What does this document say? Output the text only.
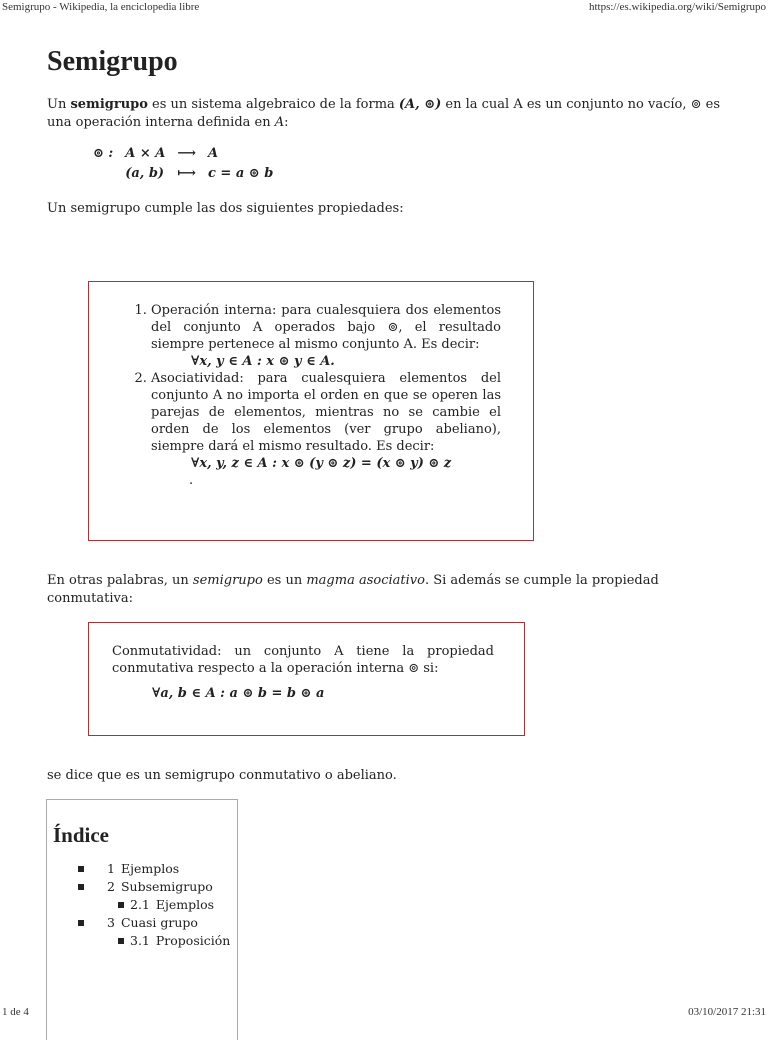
Semigrupo - Wikipedia, la enciclopedia libre	https://es.wikipedia.org/wiki/Semigrupo
Semigrupo

Un semigrupo es un sistema algebraico de la forma (A, ⊚) en la cual A es un conjunto no vacío, ⊚ es una operación interna definida en A:

⊚ :	A × A	⟶	A
	(a, b)	⟼	c = a ⊚ b

Un semigrupo cumple las dos siguientes propiedades:

1. Operación interna: para cualesquiera dos elementos del conjunto A operados bajo ⊚, el resultado siempre pertenece al mismo conjunto A. Es decir:
∀x, y ∈ A : x ⊚ y ∈ A.
2. Asociatividad: para cualesquiera elementos del conjunto A no importa el orden en que se operen las parejas de elementos, mientras no se cambie el orden de los elementos (ver grupo abeliano), siempre dará el mismo resultado. Es decir:
∀x, y, z ∈ A : x ⊚ (y ⊚ z) = (x ⊚ y) ⊚ z
.

En otras palabras, un semigrupo es un magma asociativo. Si además se cumple la propiedad conmutativa:

Conmutatividad: un conjunto A tiene la propiedad conmutativa respecto a la operación interna ⊚ si:
∀a, b ∈ A : a ⊚ b = b ⊚ a

se dice que es un semigrupo conmutativo o abeliano.

Índice
1 Ejemplos
2 Subsemigrupo
2.1 Ejemplos
3 Cuasi grupo
3.1 Proposición
1 de 4	03/10/2017 21:31
